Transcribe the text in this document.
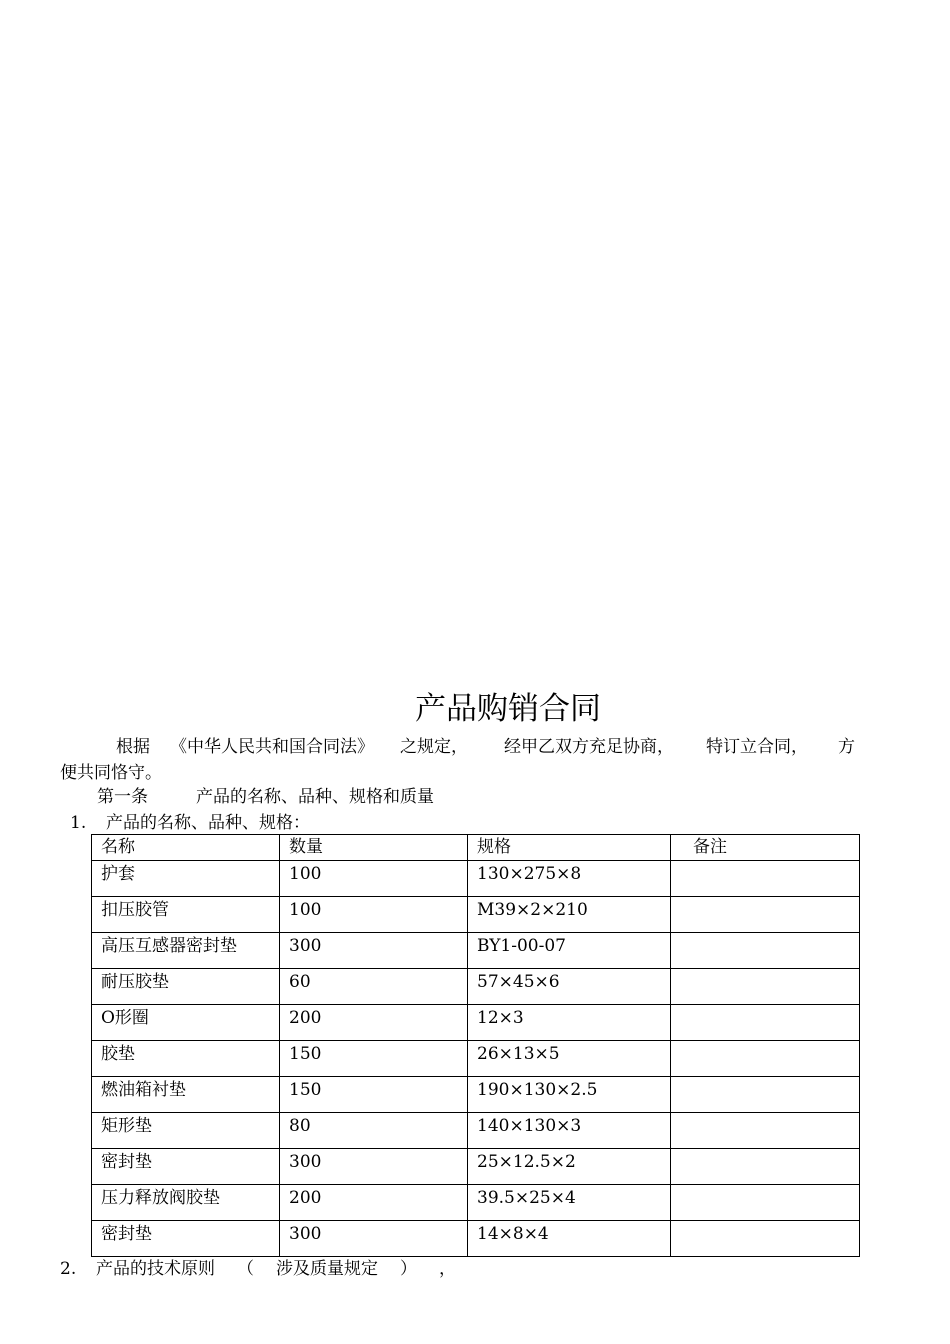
产品购销合同
根据 《中华人民共和国合同法》 之规定， 经甲乙双方充足协商， 特订立合同， 方
便共同恪守。
第一条	产品的名称、品种、规格和质量
1. 产品的名称、品种、规格：
名称	数量	规格	备注
护套	100	130×275×8	
扣压胶管	100	M39×2×210	
高压互感器密封垫	300	BY1-00-07	
耐压胶垫	60	57×45×6	
O形圈	200	12×3	
胶垫	150	26×13×5	
燃油箱衬垫	150	190×130×2.5	
矩形垫	80	140×130×3	
密封垫	300	25×12.5×2	
压力释放阀胶垫	200	39.5×25×4	
密封垫	300	14×8×4	
2. 产品的技术原则 （ 涉及质量规定 ） ，
